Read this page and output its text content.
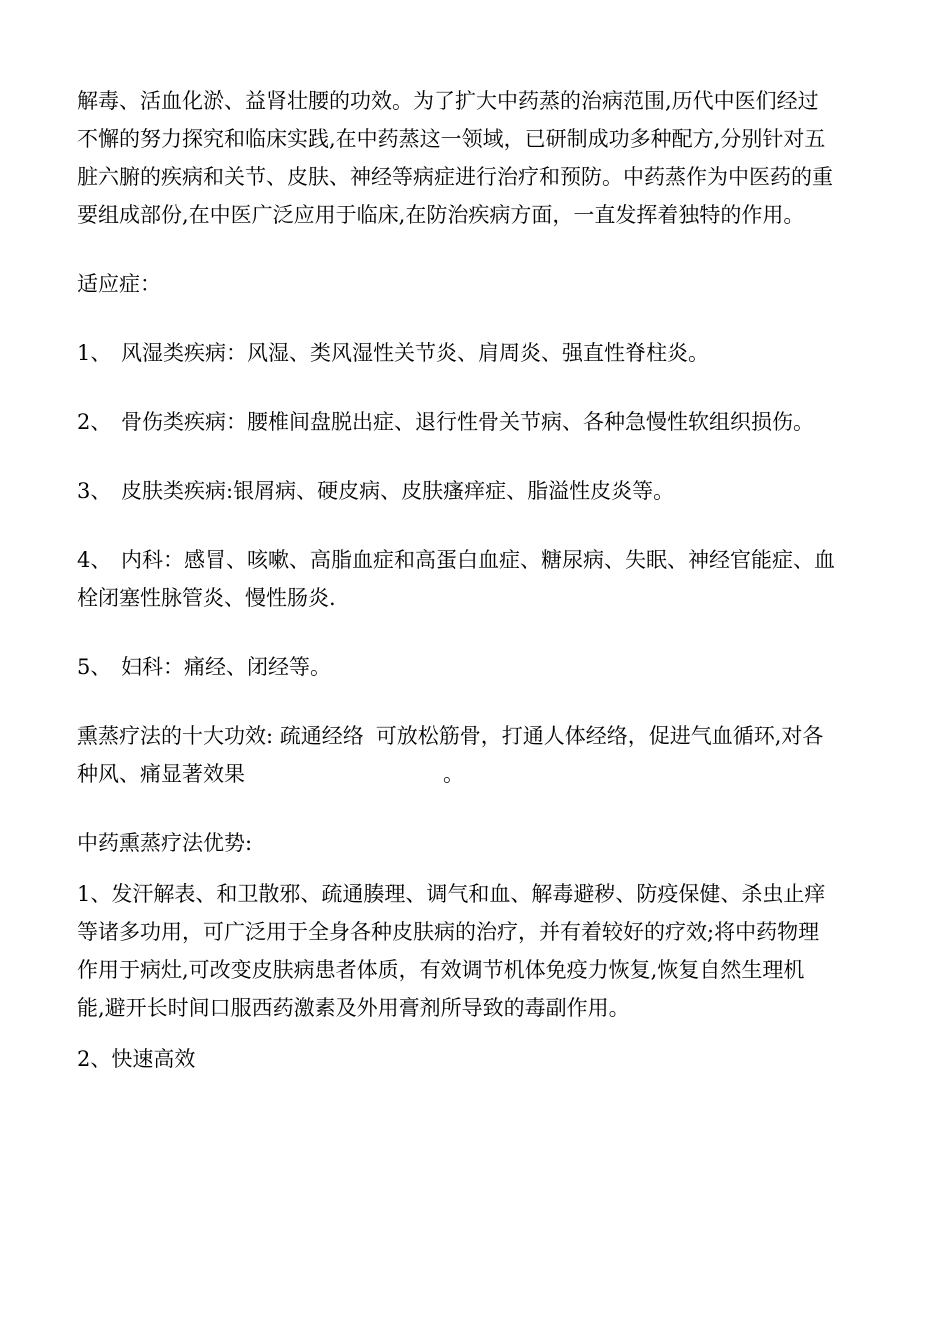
解毒、活血化淤、益肾壮腰的功效。为了扩大中药蒸的治病范围,历代中医们经过
不懈的努力探究和临床实践,在中药蒸这一领域，已研制成功多种配方,分别针对五
脏六腑的疾病和关节、皮肤、神经等病症进行治疗和预防。中药蒸作为中医药的重
要组成部份,在中医广泛应用于临床,在防治疾病方面，一直发挥着独特的作用。
适应症：
1、 风湿类疾病：风湿、类风湿性关节炎、肩周炎、强直性脊柱炎。
2、 骨伤类疾病：腰椎间盘脱出症、退行性骨关节病、各种急慢性软组织损伤。
3、 皮肤类疾病:银屑病、硬皮病、皮肤瘙痒症、脂溢性皮炎等。
4、 内科：感冒、咳嗽、高脂血症和高蛋白血症、糖尿病、失眠、神经官能症、血
栓闭塞性脉管炎、慢性肠炎.
5、 妇科：痛经、闭经等。
熏蒸疗法的十大功效: 疏通经络 可放松筋骨，打通人体经络，促进气血循环,对各
种风、痛显著效果	。
中药熏蒸疗法优势:
1、发汗解表、和卫散邪、疏通腠理、调气和血、解毒避秽、防疫保健、杀虫止痒
等诸多功用，可广泛用于全身各种皮肤病的治疗，并有着较好的疗效;将中药物理
作用于病灶,可改变皮肤病患者体质，有效调节机体免疫力恢复,恢复自然生理机
能,避开长时间口服西药激素及外用膏剂所导致的毒副作用。
2、快速高效
